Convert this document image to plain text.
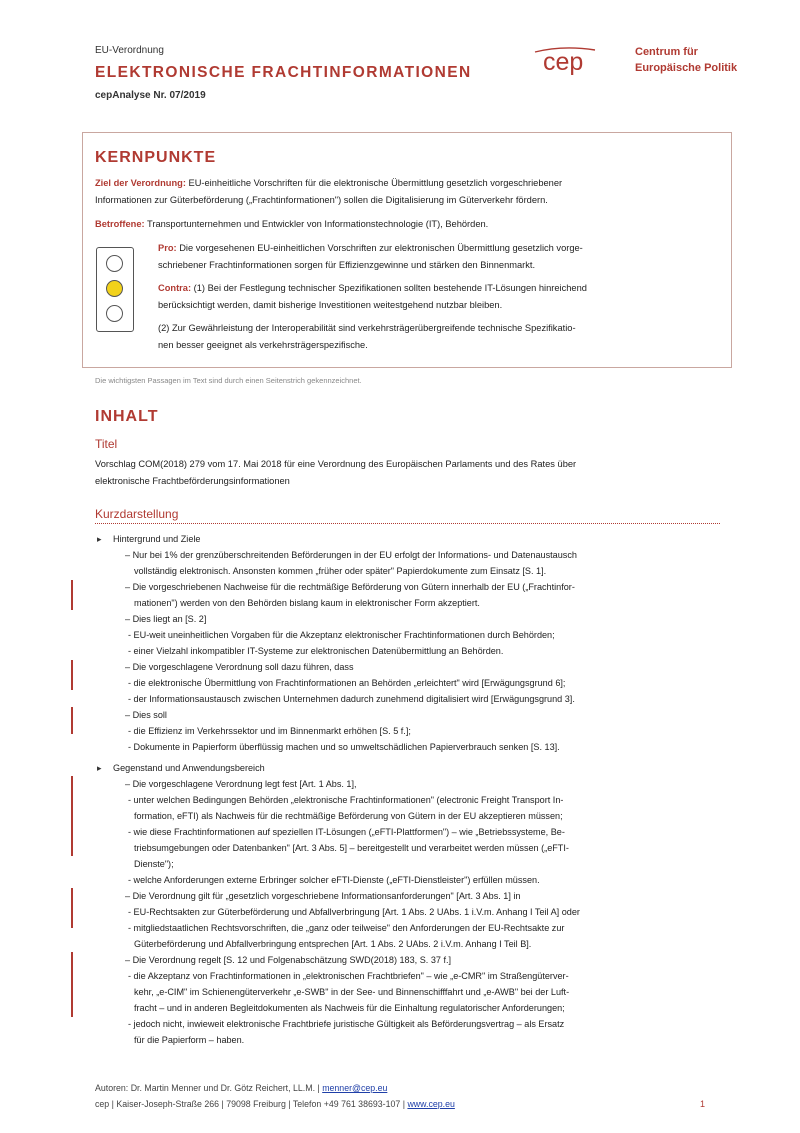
EU-Verordnung
ELEKTRONISCHE FRACHTINFORMATIONEN
cepAnalyse Nr. 07/2019
cep	Centrum für
Europäische Politik
KERNPUNKTE
Ziel der Verordnung: EU-einheitliche Vorschriften für die elektronische Übermittlung gesetzlich vorgeschriebener
Informationen zur Güterbeförderung („Frachtinformationen") sollen die Digitalisierung im Güterverkehr fördern.
Betroffene: Transportunternehmen und Entwickler von Informationstechnologie (IT), Behörden.
Pro: Die vorgesehenen EU-einheitlichen Vorschriften zur elektronischen Übermittlung gesetzlich vorge-
schriebener Frachtinformationen sorgen für Effizienzgewinne und stärken den Binnenmarkt.
Contra: (1) Bei der Festlegung technischer Spezifikationen sollten bestehende IT-Lösungen hinreichend
berücksichtigt werden, damit bisherige Investitionen weitestgehend nutzbar bleiben.
(2) Zur Gewährleistung der Interoperabilität sind verkehrsträgerübergreifende technische Spezifikatio-
nen besser geeignet als verkehrsträgerspezifische.
Die wichtigsten Passagen im Text sind durch einen Seitenstrich gekennzeichnet.
INHALT
Titel
Vorschlag COM(2018) 279 vom 17. Mai 2018 für eine Verordnung des Europäischen Parlaments und des Rates über
elektronische Frachtbeförderungsinformationen
Kurzdarstellung
▸ Hintergrund und Ziele
– Nur bei 1% der grenzüberschreitenden Beförderungen in der EU erfolgt der Informations- und Datenaustausch
vollständig elektronisch. Ansonsten kommen „früher oder später" Papierdokumente zum Einsatz [S. 1].
– Die vorgeschriebenen Nachweise für die rechtmäßige Beförderung von Gütern innerhalb der EU („Frachtinfor-
mationen") werden von den Behörden bislang kaum in elektronischer Form akzeptiert.
– Dies liegt an [S. 2]
- EU-weit uneinheitlichen Vorgaben für die Akzeptanz elektronischer Frachtinformationen durch Behörden;
- einer Vielzahl inkompatibler IT-Systeme zur elektronischen Datenübermittlung an Behörden.
– Die vorgeschlagene Verordnung soll dazu führen, dass
- die elektronische Übermittlung von Frachtinformationen an Behörden „erleichtert" wird [Erwägungsgrund 6];
- der Informationsaustausch zwischen Unternehmen dadurch zunehmend digitalisiert wird [Erwägungsgrund 3].
– Dies soll
- die Effizienz im Verkehrssektor und im Binnenmarkt erhöhen [S. 5 f.];
- Dokumente in Papierform überflüssig machen und so umweltschädlichen Papierverbrauch senken [S. 13].
▸ Gegenstand und Anwendungsbereich
– Die vorgeschlagene Verordnung legt fest [Art. 1 Abs. 1],
- unter welchen Bedingungen Behörden „elektronische Frachtinformationen" (electronic Freight Transport In-
formation, eFTI) als Nachweis für die rechtmäßige Beförderung von Gütern in der EU akzeptieren müssen;
- wie diese Frachtinformationen auf speziellen IT-Lösungen („eFTI-Plattformen") – wie „Betriebssysteme, Be-
triebsumgebungen oder Datenbanken" [Art. 3 Abs. 5] – bereitgestellt und verarbeitet werden müssen („eFTI-
Dienste");
- welche Anforderungen externe Erbringer solcher eFTI-Dienste („eFTI-Dienstleister") erfüllen müssen.
– Die Verordnung gilt für „gesetzlich vorgeschriebene Informationsanforderungen" [Art. 3 Abs. 1] in
- EU-Rechtsakten zur Güterbeförderung und Abfallverbringung [Art. 1 Abs. 2 UAbs. 1 i.V.m. Anhang I Teil A] oder
- mitgliedstaatlichen Rechtsvorschriften, die „ganz oder teilweise" den Anforderungen der EU-Rechtsakte zur
Güterbeförderung und Abfallverbringung entsprechen [Art. 1 Abs. 2 UAbs. 2 i.V.m. Anhang I Teil B].
– Die Verordnung regelt [S. 12 und Folgenabschätzung SWD(2018) 183, S. 37 f.]
- die Akzeptanz von Frachtinformationen in „elektronischen Frachtbriefen" – wie „e-CMR" im Straßengüterver-
kehr, „e-CIM" im Schienengüterverkehr „e-SWB" in der See- und Binnenschifffahrt und „e-AWB" bei der Luft-
fracht – und in anderen Begleitdokumenten als Nachweis für die Einhaltung regulatorischer Anforderungen;
- jedoch nicht, inwieweit elektronische Frachtbriefe juristische Gültigkeit als Beförderungsvertrag – als Ersatz
für die Papierform – haben.
Autoren: Dr. Martin Menner und Dr. Götz Reichert, LL.M. | menner@cep.eu
cep | Kaiser-Joseph-Straße 266 | 79098 Freiburg | Telefon +49 761 38693-107 | www.cep.eu	1
